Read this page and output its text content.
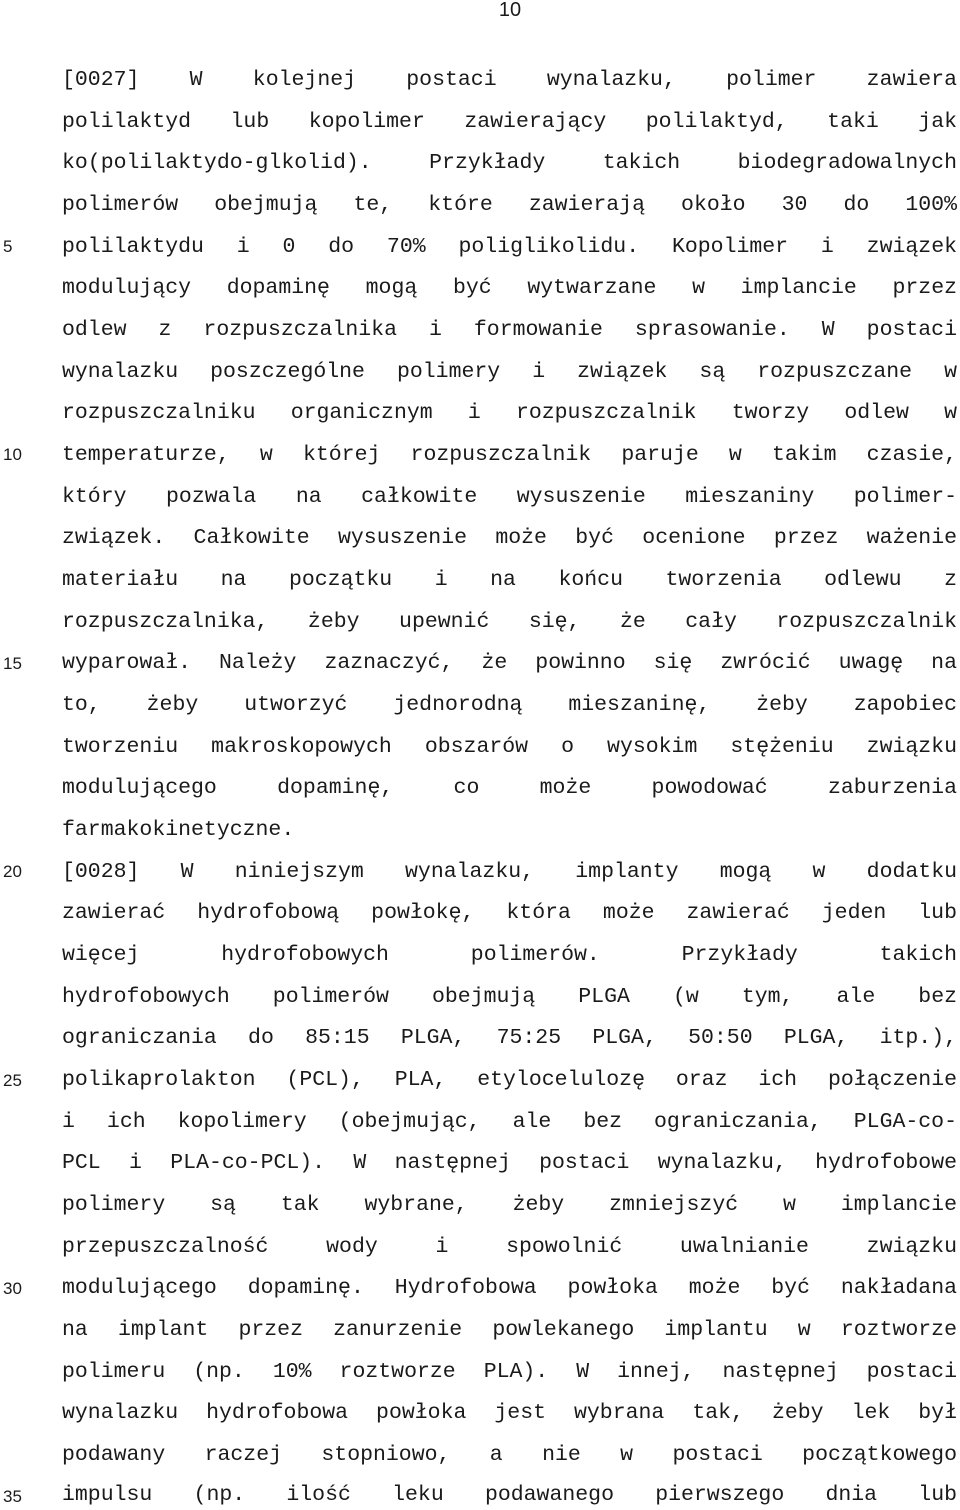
10
5
10
15
20
25
30
35
[0027] W kolejnej postaci wynalazku, polimer zawiera
polilaktyd lub kopolimer zawierający polilaktyd, taki jak
ko(polilaktydo-glkolid). Przykłady takich biodegradowalnych
polimerów obejmują te, które zawierają około 30 do 100%
polilaktydu i 0 do 70% poliglikolidu. Kopolimer i związek
modulujący dopaminę mogą być wytwarzane w implancie przez
odlew z rozpuszczalnika i formowanie sprasowanie. W postaci
wynalazku poszczególne polimery i związek są rozpuszczane w
rozpuszczalniku organicznym i rozpuszczalnik tworzy odlew w
temperaturze, w której rozpuszczalnik paruje w takim czasie,
który pozwala na całkowite wysuszenie mieszaniny polimer-
związek. Całkowite wysuszenie może być ocenione przez ważenie
materiału na początku i na końcu tworzenia odlewu z
rozpuszczalnika, żeby upewnić się, że cały rozpuszczalnik
wyparował. Należy zaznaczyć, że powinno się zwrócić uwagę na
to, żeby utworzyć jednorodną mieszaninę, żeby zapobiec
tworzeniu makroskopowych obszarów o wysokim stężeniu związku
modulującego dopaminę, co może powodować zaburzenia
farmakokinetyczne.
[0028] W niniejszym wynalazku, implanty mogą w dodatku
zawierać hydrofobową powłokę, która może zawierać jeden lub
więcej hydrofobowych polimerów. Przykłady takich
hydrofobowych polimerów obejmują PLGA (w tym, ale bez
ograniczania do 85:15 PLGA, 75:25 PLGA, 50:50 PLGA, itp.),
polikaprolakton (PCL), PLA, etylocelulozę oraz ich połączenie
i ich kopolimery (obejmując, ale bez ograniczania, PLGA-co-
PCL i PLA-co-PCL). W następnej postaci wynalazku, hydrofobowe
polimery są tak wybrane, żeby zmniejszyć w implancie
przepuszczalność wody i spowolnić uwalnianie związku
modulującego dopaminę. Hydrofobowa powłoka może być nakładana
na implant przez zanurzenie powlekanego implantu w roztworze
polimeru (np. 10% roztworze PLA). W innej, następnej postaci
wynalazku hydrofobowa powłoka jest wybrana tak, żeby lek był
podawany raczej stopniowo, a nie w postaci początkowego
impulsu (np. ilość leku podawanego pierwszego dnia lub
